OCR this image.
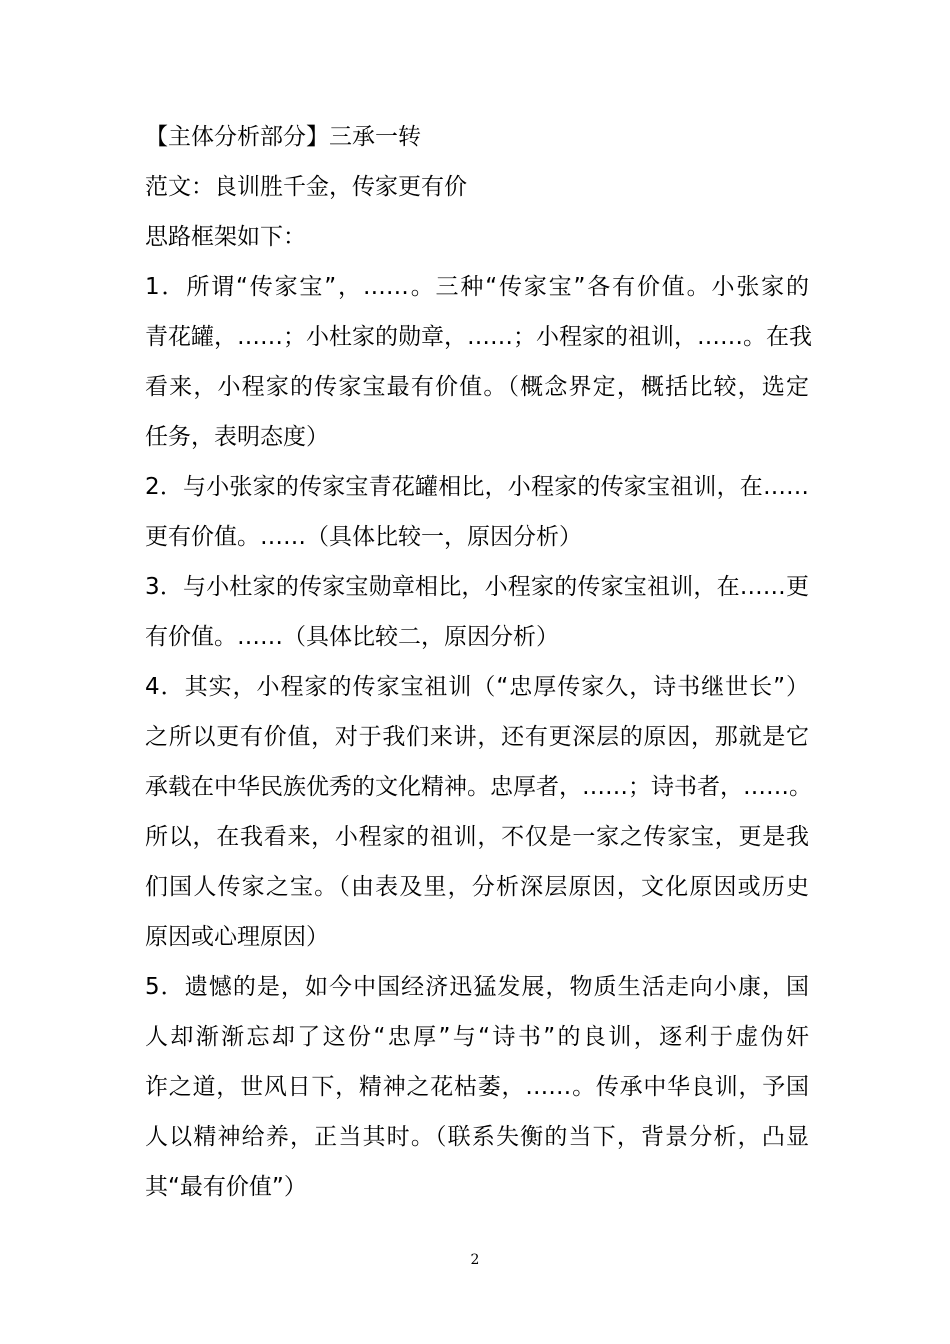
【主体分析部分】三承一转

范文：良训胜千金，传家更有价

思路框架如下：

1．所谓“传家宝”，……。三种“传家宝”各有价值。小张家的

青花罐，……；小杜家的勋章，……；小程家的祖训，……。在我

看来，小程家的传家宝最有价值。（概念界定，概括比较，选定

任务，表明态度）

2．与小张家的传家宝青花罐相比，小程家的传家宝祖训，在……

更有价值。……（具体比较一，原因分析）

3．与小杜家的传家宝勋章相比，小程家的传家宝祖训，在……更

有价值。……（具体比较二，原因分析）

4．其实，小程家的传家宝祖训（“忠厚传家久，诗书继世长”）

之所以更有价值，对于我们来讲，还有更深层的原因，那就是它

承载在中华民族优秀的文化精神。忠厚者，……；诗书者，……。

所以，在我看来，小程家的祖训，不仅是一家之传家宝，更是我

们国人传家之宝。（由表及里，分析深层原因，文化原因或历史

原因或心理原因）

5．遗憾的是，如今中国经济迅猛发展，物质生活走向小康，国

人却渐渐忘却了这份“忠厚”与“诗书”的良训，逐利于虚伪奸

诈之道，世风日下，精神之花枯萎，……。传承中华良训，予国

人以精神给养，正当其时。（联系失衡的当下，背景分析，凸显

其“最有价值”）

2
